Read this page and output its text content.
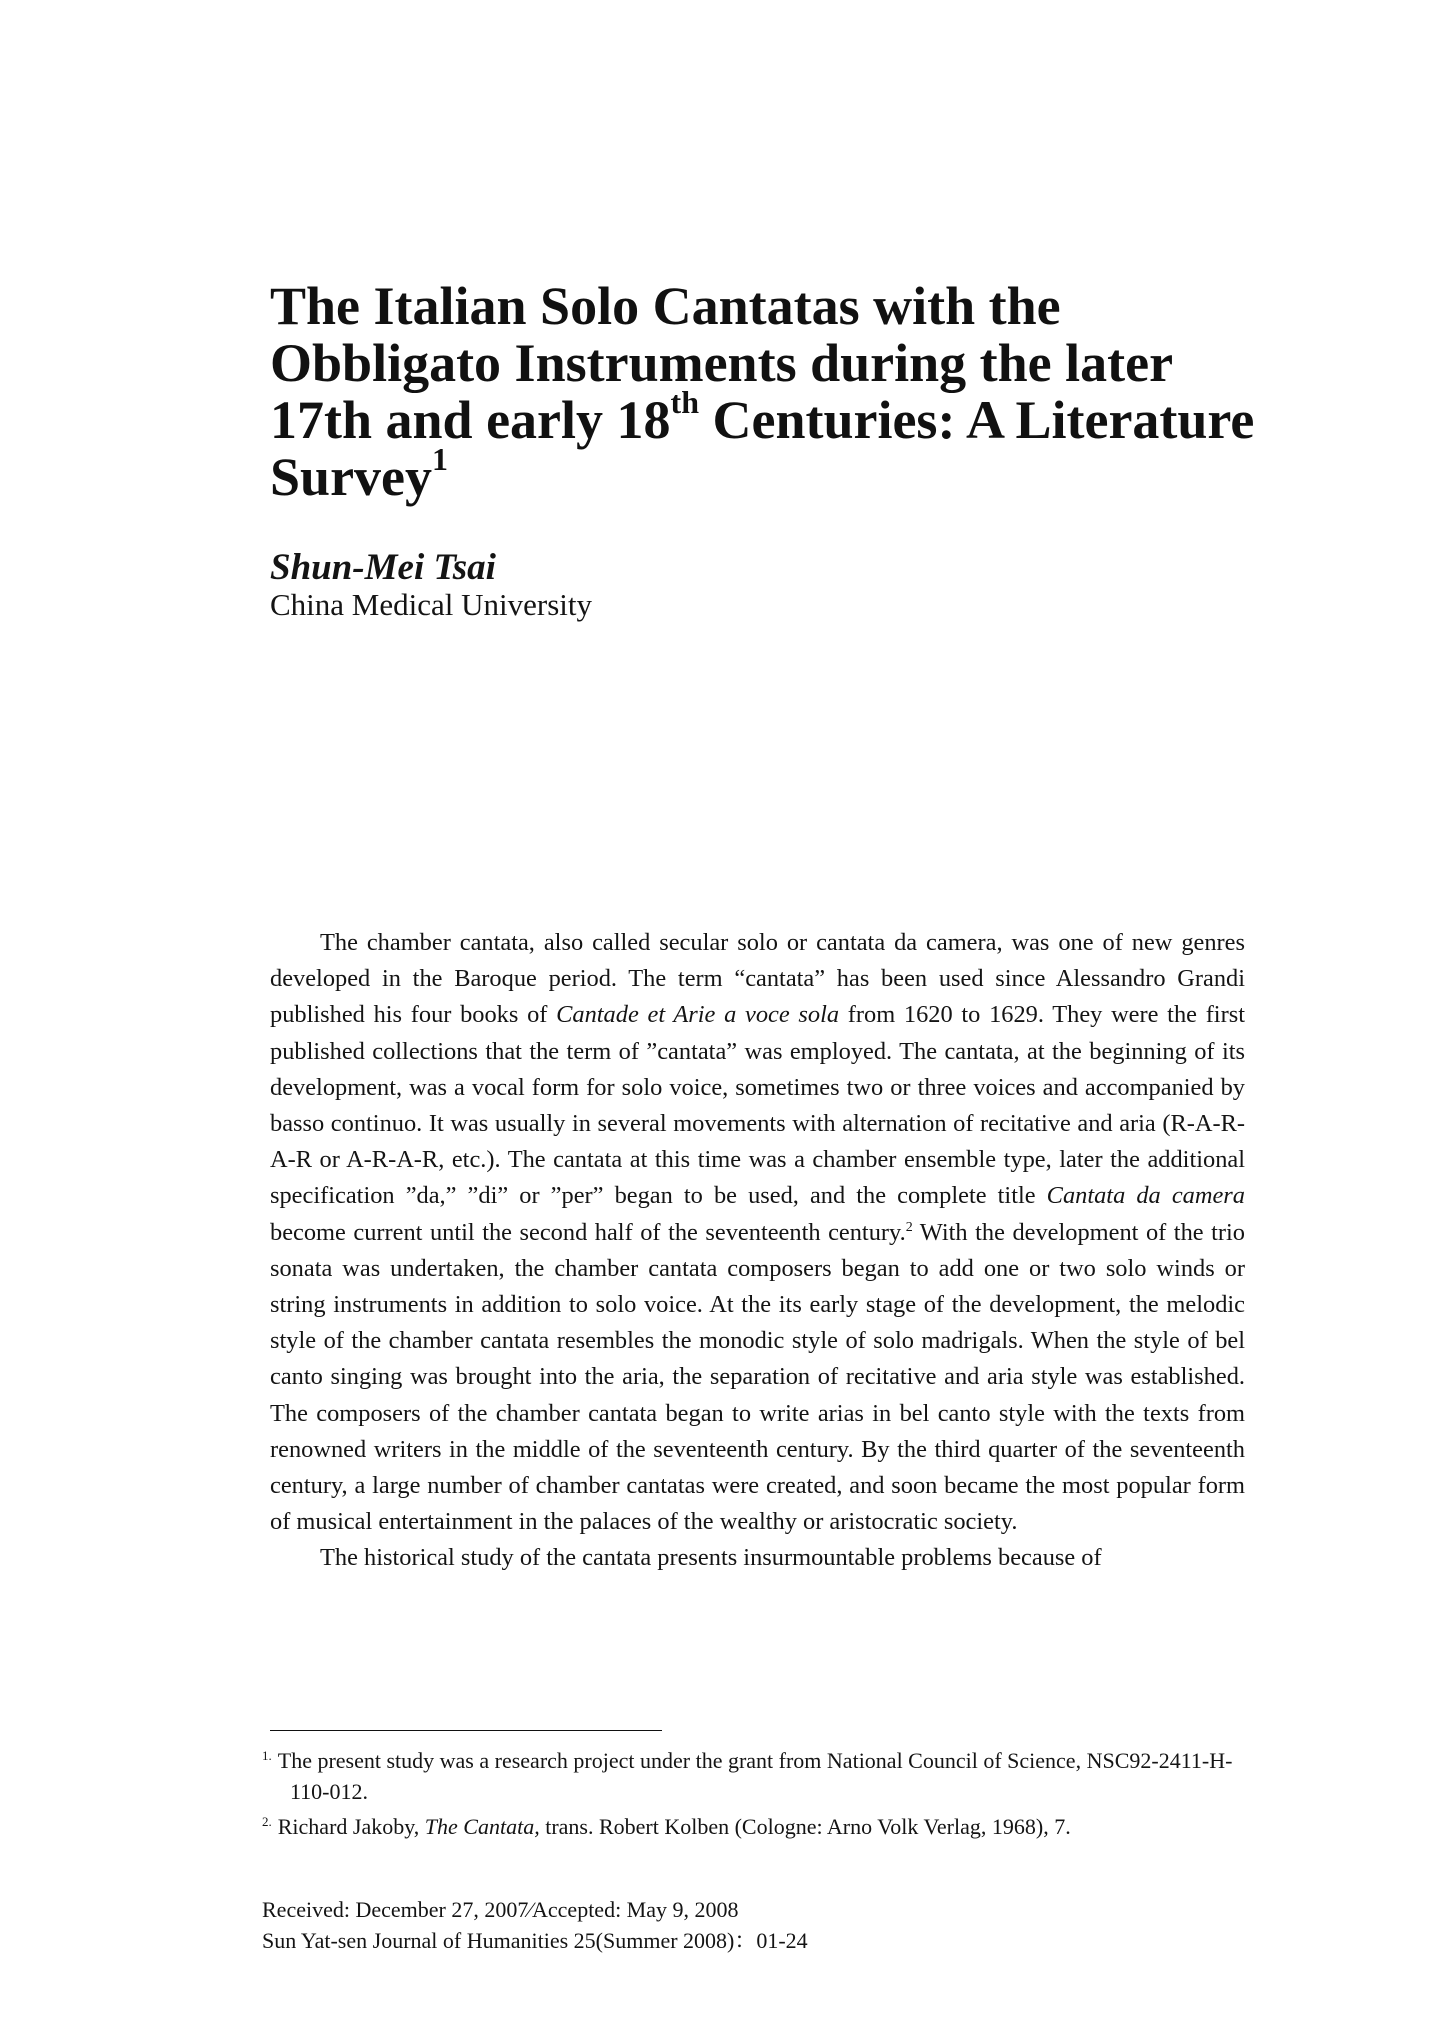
The Italian Solo Cantatas with the Obbligato Instruments during the later 17th and early 18th Centuries: A Literature Survey$^1$

Shun-Mei Tsai

China Medical University

The chamber cantata, also called secular solo or cantata da camera, was one of new genres developed in the Baroque period. The term “cantata” has been used since Alessandro Grandi published his four books of Cantade et Arie a voce sola from 1620 to 1629. They were the first published collections that the term of ”cantata” was employed. The cantata, at the beginning of its development, was a vocal form for solo voice, sometimes two or three voices and accompanied by basso continuo. It was usually in several movements with alternation of recitative and aria (R-A-R-A-R or A-R-A-R, etc.). The cantata at this time was a chamber ensemble type, later the additional specification ”da,” ”di” or ”per” began to be used, and the complete title Cantata da camera become current until the second half of the seventeenth century.$^2$ With the development of the trio sonata was undertaken, the chamber cantata composers began to add one or two solo winds or string instruments in addition to solo voice. At the its early stage of the development, the melodic style of the chamber cantata resembles the monodic style of solo madrigals. When the style of bel canto singing was brought into the aria, the separation of recitative and aria style was established. The composers of the chamber cantata began to write arias in bel canto style with the texts from renowned writers in the middle of the seventeenth century. By the third quarter of the seventeenth century, a large number of chamber cantatas were created, and soon became the most popular form of musical entertainment in the palaces of the wealthy or aristocratic society.

The historical study of the cantata presents insurmountable problems because of

$^{1.}$ The present study was a research project under the grant from National Council of Science, NSC92-2411-H-110-012.

$^{2.}$ Richard Jakoby, The Cantata, trans. Robert Kolben (Cologne: Arno Volk Verlag, 1968), 7.

Received: December 27, 2007∕Accepted: May 9, 2008
Sun Yat-sen Journal of Humanities 25(Summer 2008)：01-24
